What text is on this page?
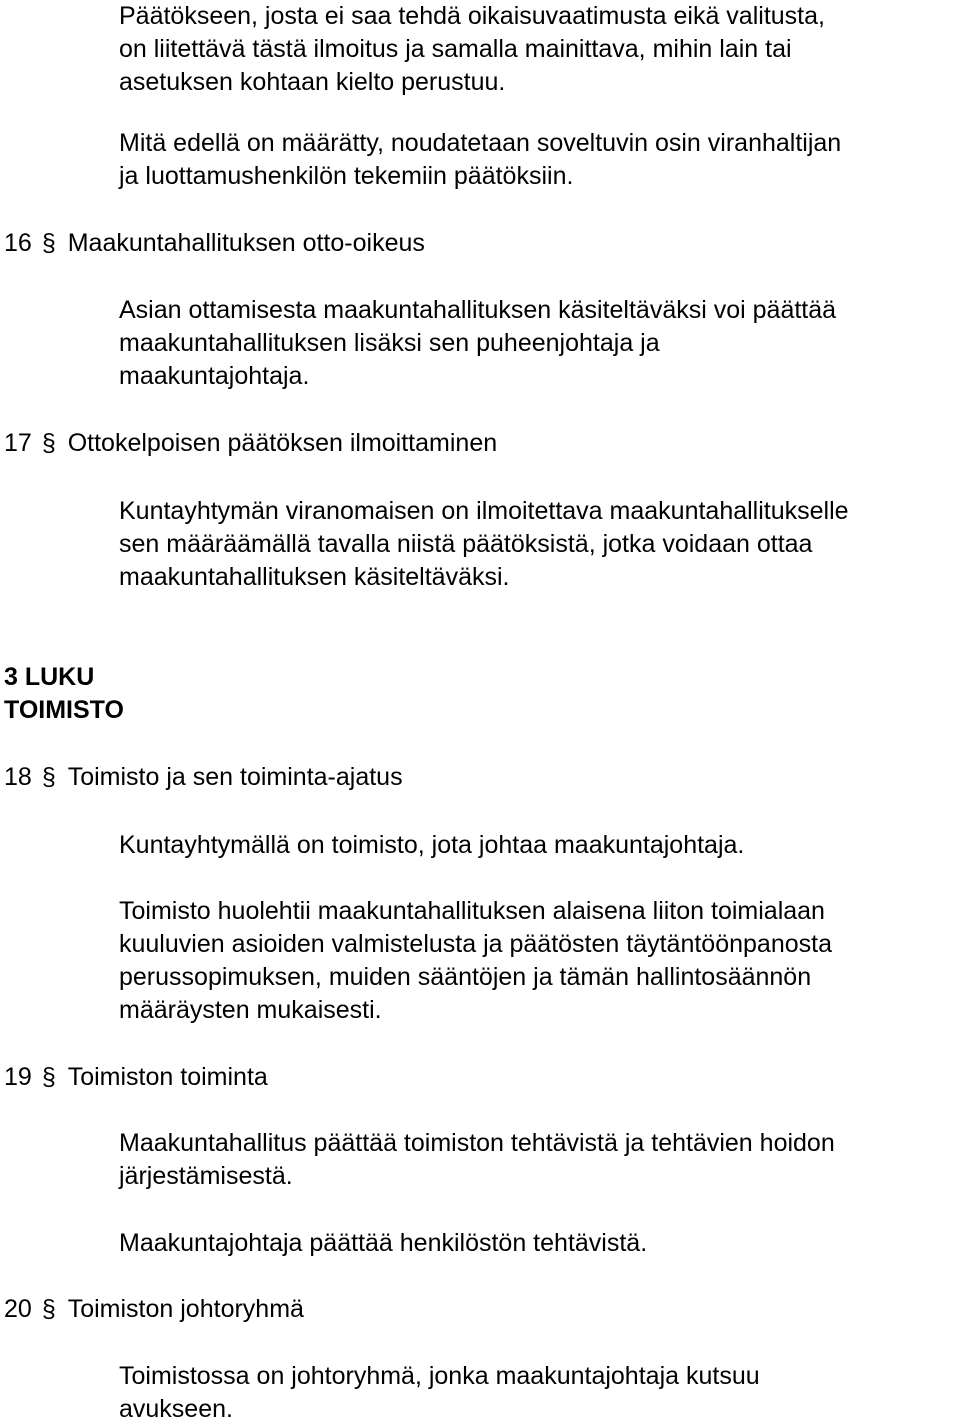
Päätökseen, josta ei saa tehdä oikaisuvaatimusta eikä valitusta,

on liitettävä tästä ilmoitus ja samalla mainittava, mihin lain tai

asetuksen kohtaan kielto perustuu.

Mitä edellä on määrätty, noudatetaan soveltuvin osin viranhaltijan

ja luottamushenkilön tekemiin päätöksiin.

16 § Maakuntahallituksen otto-oikeus

Asian ottamisesta maakuntahallituksen käsiteltäväksi voi päättää

maakuntahallituksen lisäksi sen puheenjohtaja ja

maakuntajohtaja.

17 § Ottokelpoisen päätöksen ilmoittaminen

Kuntayhtymän viranomaisen on ilmoitettava maakuntahallitukselle

sen määräämällä tavalla niistä päätöksistä, jotka voidaan ottaa

maakuntahallituksen käsiteltäväksi.

3 LUKU
TOIMISTO
18 § Toimisto ja sen toiminta-ajatus

Kuntayhtymällä on toimisto, jota johtaa maakuntajohtaja.

Toimisto huolehtii maakuntahallituksen alaisena liiton toimialaan

kuuluvien asioiden valmistelusta ja päätösten täytäntöönpanosta

perussopimuksen, muiden sääntöjen ja tämän hallintosäännön

määräysten mukaisesti.

19 § Toimiston toiminta

Maakuntahallitus päättää toimiston tehtävistä ja tehtävien hoidon

järjestämisestä.

Maakuntajohtaja päättää henkilöstön tehtävistä.

20 § Toimiston johtoryhmä

Toimistossa on johtoryhmä, jonka maakuntajohtaja kutsuu

avukseen.
